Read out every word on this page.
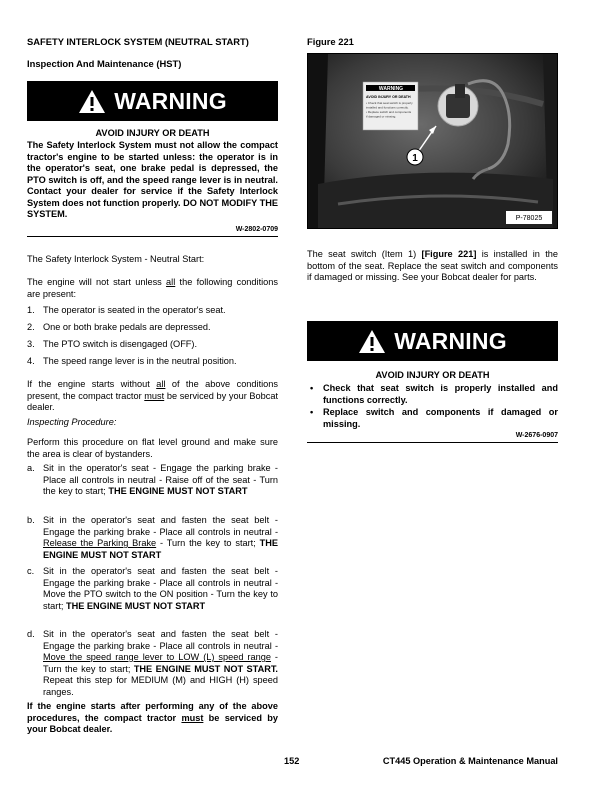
SAFETY INTERLOCK SYSTEM (NEUTRAL START)
Inspection And Maintenance (HST)
WARNING
AVOID INJURY OR DEATH
The Safety Interlock System must not allow the compact tractor's engine to be started unless: the operator is in the operator's seat, one brake pedal is depressed, the PTO switch is off, and the speed range lever is in neutral. Contact your dealer for service if the Safety Interlock System does not function properly. DO NOT MODIFY THE SYSTEM.
W-2802-0709
The Safety Interlock System - Neutral Start:
The engine will not start unless all the following conditions are present:
1. The operator is seated in the operator's seat.
2. One or both brake pedals are depressed.
3. The PTO switch is disengaged (OFF).
4. The speed range lever is in the neutral position.
If the engine starts without all of the above conditions present, the compact tractor must be serviced by your Bobcat dealer.
Inspecting Procedure:
Perform this procedure on flat level ground and make sure the area is clear of bystanders.
a. Sit in the operator's seat - Engage the parking brake - Place all controls in neutral - Raise off of the seat - Turn the key to start; THE ENGINE MUST NOT START
b. Sit in the operator's seat and fasten the seat belt - Engage the parking brake - Place all controls in neutral - Release the Parking Brake - Turn the key to start; THE ENGINE MUST NOT START
c. Sit in the operator's seat and fasten the seat belt - Engage the parking brake - Place all controls in neutral - Move the PTO switch to the ON position - Turn the key to start; THE ENGINE MUST NOT START
d. Sit in the operator's seat and fasten the seat belt - Engage the parking brake - Place all controls in neutral - Move the speed range lever to LOW (L) speed range - Turn the key to start; THE ENGINE MUST NOT START. Repeat this step for MEDIUM (M) and HIGH (H) speed ranges.
If the engine starts after performing any of the above procedures, the compact tractor must be serviced by your Bobcat dealer.
Figure 221
WARNING
AVOID INJURY OR DEATH
• Check that seat switch is properly
installed and functions correctly.
• Replace switch and components
if damaged or missing.
1
P-78025
The seat switch (Item 1) [Figure 221] is installed in the bottom of the seat. Replace the seat switch and components if damaged or missing. See your Bobcat dealer for parts.
WARNING
AVOID INJURY OR DEATH
• Check that seat switch is properly installed and functions correctly.
• Replace switch and components if damaged or missing.
W-2676-0907
152	CT445 Operation & Maintenance Manual
